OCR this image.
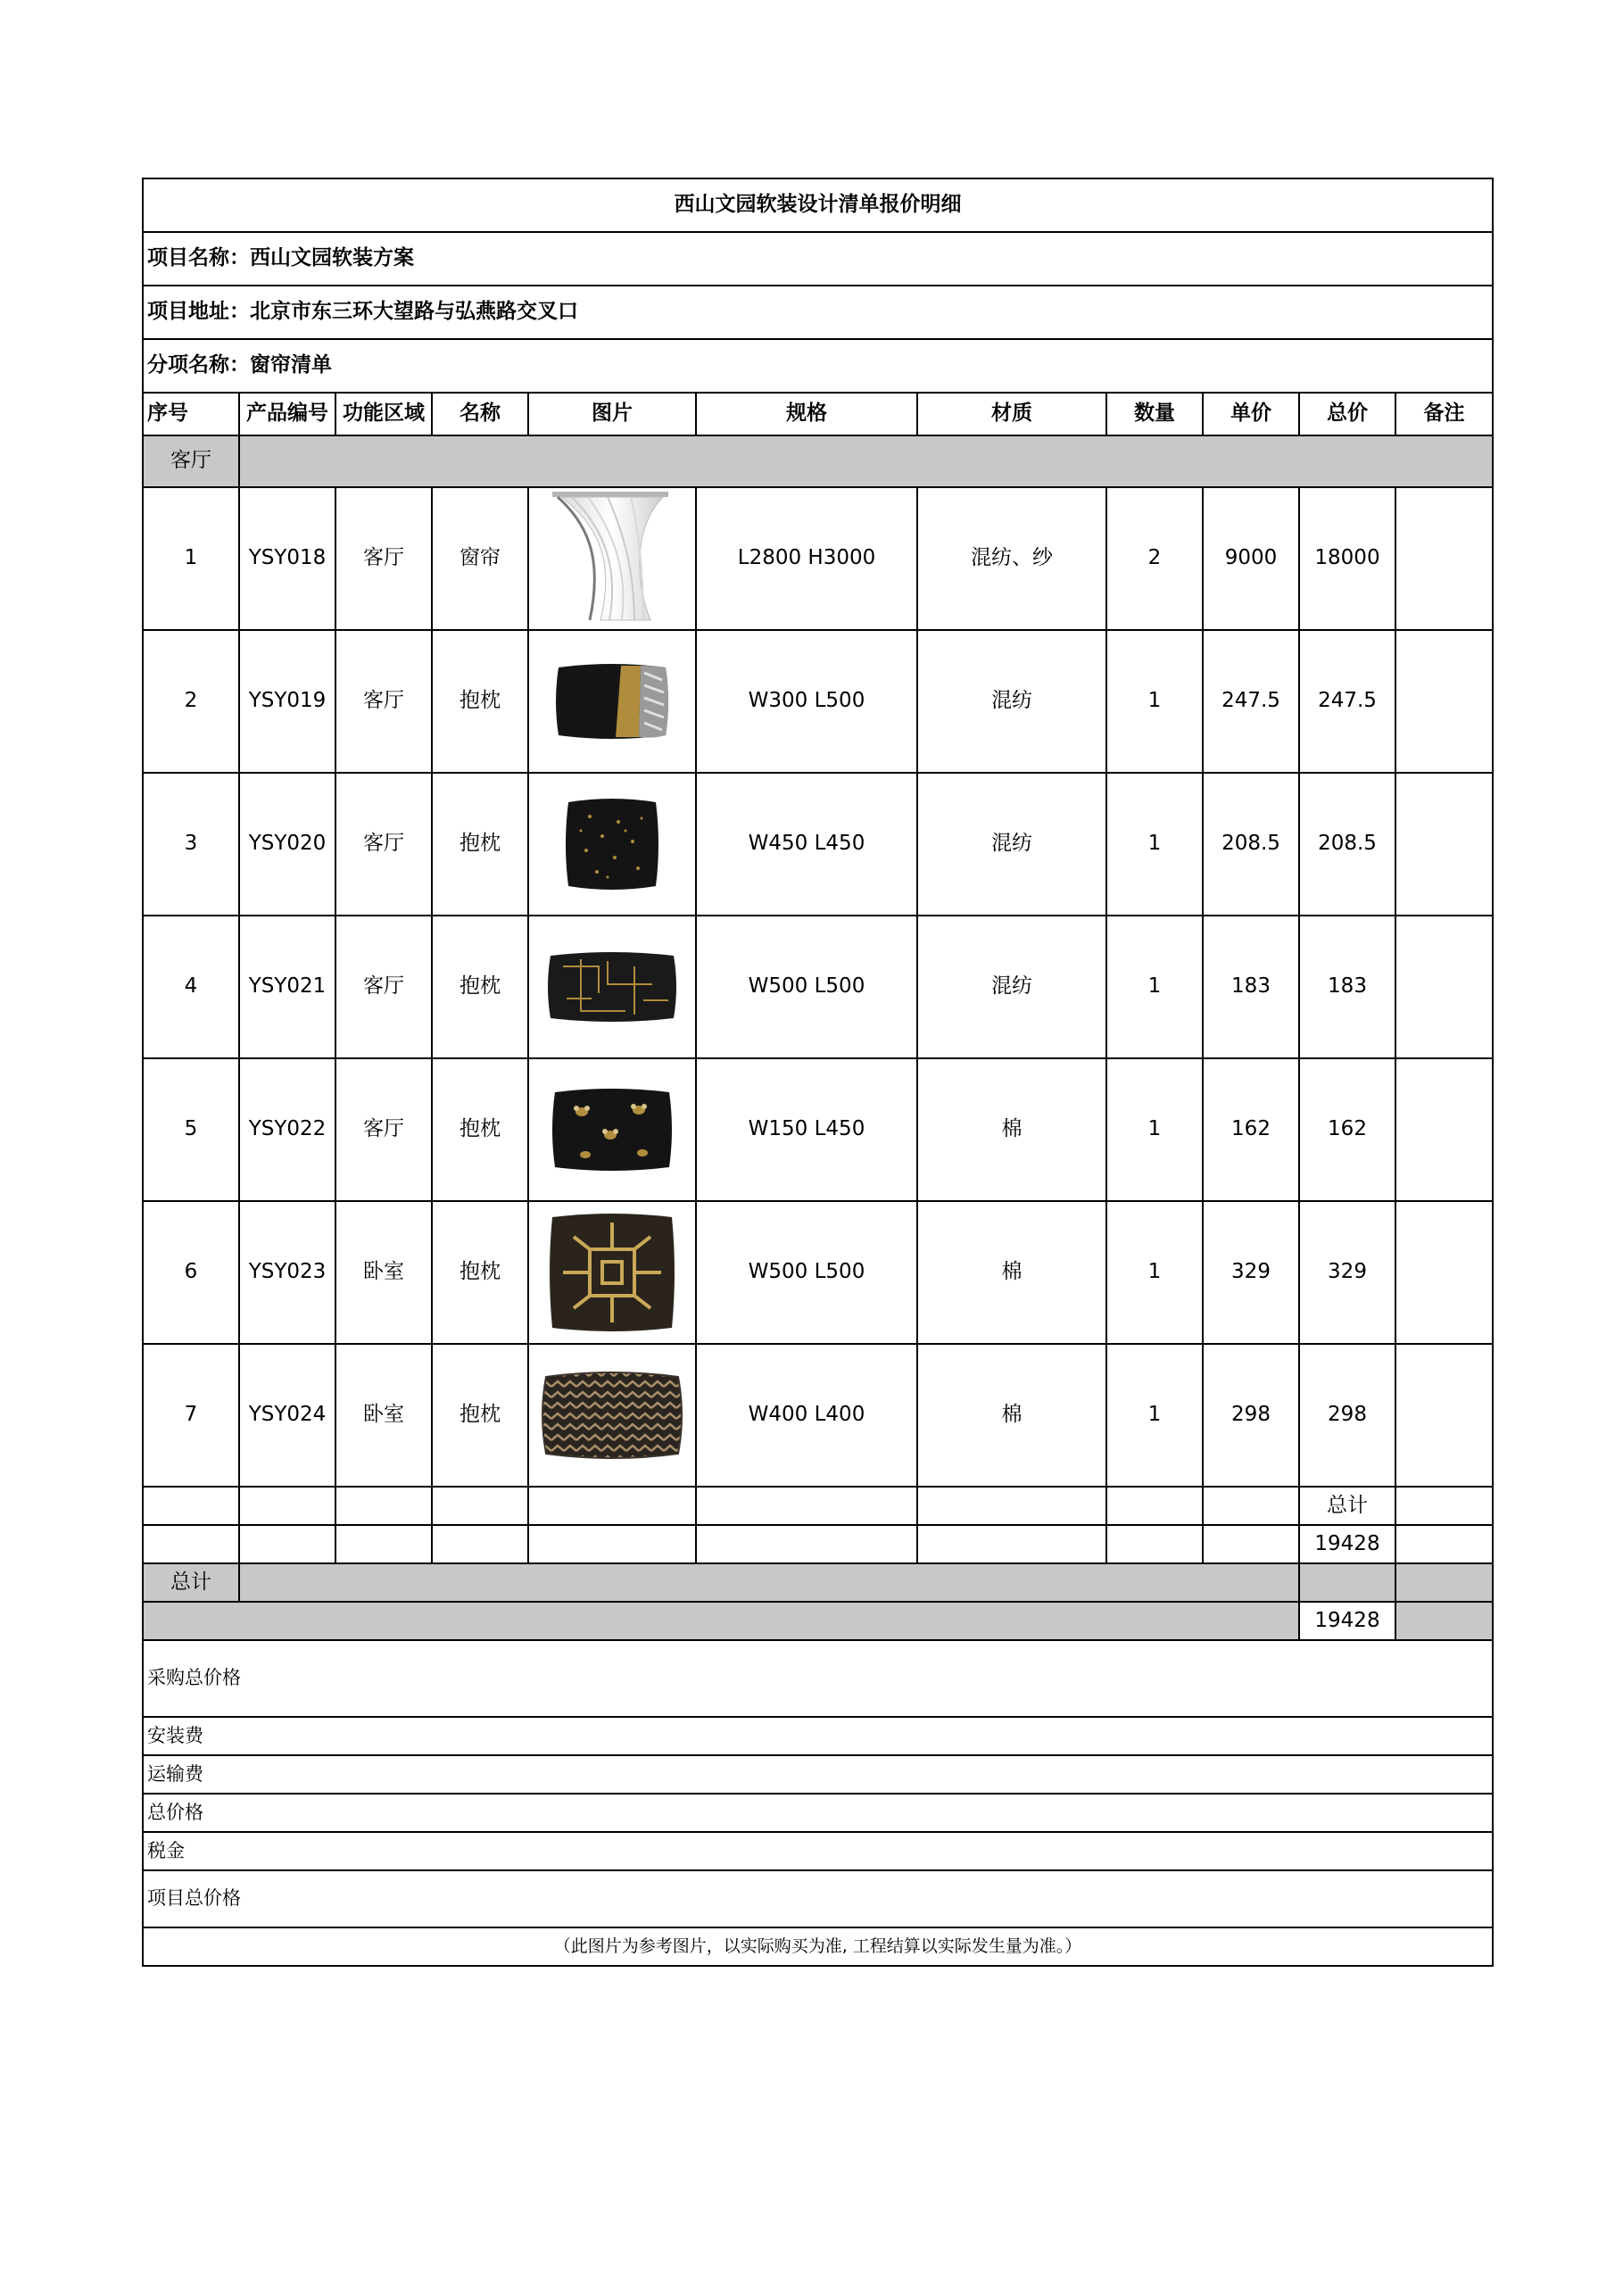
西山文园软装设计清单报价明细										
项目名称：西山文园软装方案										
项目地址：北京市东三环大望路与弘燕路交叉口										
分项名称：窗帘清单										
序号	产品编号	功能区域	名称	图片	规格	材质	数量	单价	总价	备注
客厅										
1	YSY018	客厅	窗帘		L2800 H3000	混纺、纱	2	9000	18000	
2	YSY019	客厅	抱枕		W300 L500	混纺	1	247.5	247.5	
3	YSY020	客厅	抱枕		W450 L450	混纺	1	208.5	208.5	
4	YSY021	客厅	抱枕		W500 L500	混纺	1	183	183	
5	YSY022	客厅	抱枕		W150 L450	棉	1	162	162	
6	YSY023	卧室	抱枕		W500 L500	棉	1	329	329	
7	YSY024	卧室	抱枕		W400 L400	棉	1	298	298	
									总计	
									19428	
总计										
									19428	
采购总价格										
安装费										
运输费										
总价格										
税金										
项目总价格										
（此图片为参考图片，以实际购买为准, 工程结算以实际发生量为准。）										
